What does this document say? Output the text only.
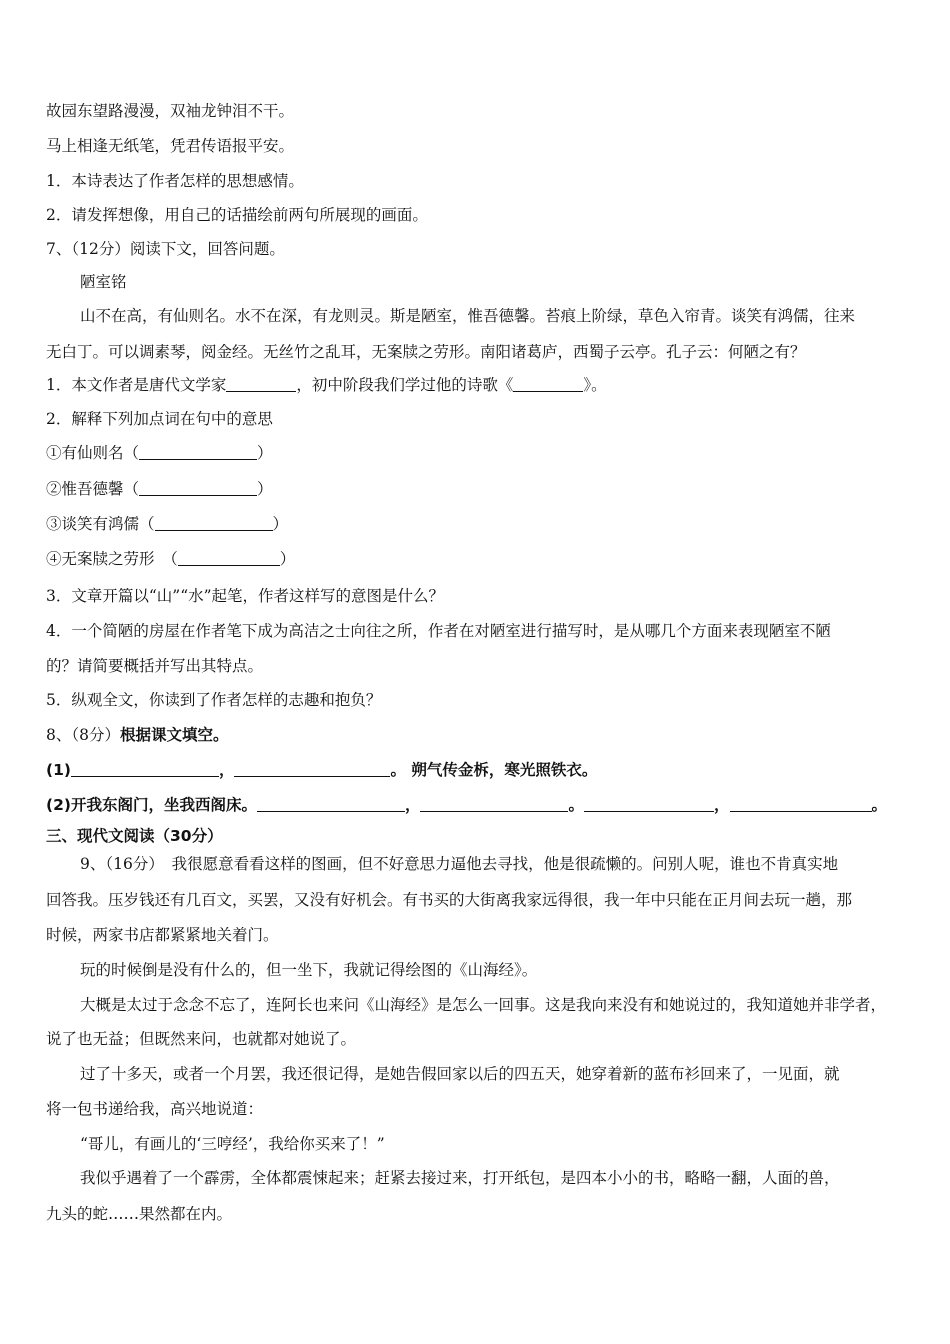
故园东望路漫漫，双袖龙钟泪不干。
马上相逢无纸笔，凭君传语报平安。
1．本诗表达了作者怎样的思想感情。
2．请发挥想像，用自己的话描绘前两句所展现的画面。
7、（12分）阅读下文，回答问题。
陋室铭
山不在高，有仙则名。水不在深，有龙则灵。斯是陋室，惟吾德馨。苔痕上阶绿，草色入帘青。谈笑有鸿儒，往来
无白丁。可以调素琴，阅金经。无丝竹之乱耳，无案牍之劳形。南阳诸葛庐，西蜀子云亭。孔子云：何陋之有？
1．本文作者是唐代文学家	，初中阶段我们学过他的诗歌《	》。
2．解释下列加点词在句中的意思
①有仙则名（	）
②惟吾德馨（	）
③谈笑有鸿儒（	）
④无案牍之劳形　（	）
3．文章开篇以“山”“水”起笔，作者这样写的意图是什么？
4．一个简陋的房屋在作者笔下成为高洁之士向往之所，作者在对陋室进行描写时，是从哪几个方面来表现陋室不陋
的？请简要概括并写出其特点。
5．纵观全文，你读到了作者怎样的志趣和抱负？
8、（8分）根据课文填空。
(1)	，	。 朔气传金柝，寒光照铁衣。
(2)开我东阁门，坐我西阁床。	，	。	，	。
三、现代文阅读（30分）
9、（16分）　我很愿意看看这样的图画，但不好意思力逼他去寻找，他是很疏懒的。问别人呢，谁也不肯真实地
回答我。压岁钱还有几百文，买罢，又没有好机会。有书买的大街离我家远得很，我一年中只能在正月间去玩一趟，那
时候，两家书店都紧紧地关着门。
玩的时候倒是没有什么的，但一坐下，我就记得绘图的《山海经》。
大概是太过于念念不忘了，连阿长也来问《山海经》是怎么一回事。这是我向来没有和她说过的，我知道她并非学者，
说了也无益；但既然来问，也就都对她说了。
过了十多天，或者一个月罢，我还很记得，是她告假回家以后的四五天，她穿着新的蓝布衫回来了，一见面，就
将一包书递给我，高兴地说道：
“哥儿，有画儿的‘三哼经’，我给你买来了！”
我似乎遇着了一个霹雳，全体都震悚起来；赶紧去接过来，打开纸包，是四本小小的书，略略一翻，人面的兽，
九头的蛇……果然都在内。
